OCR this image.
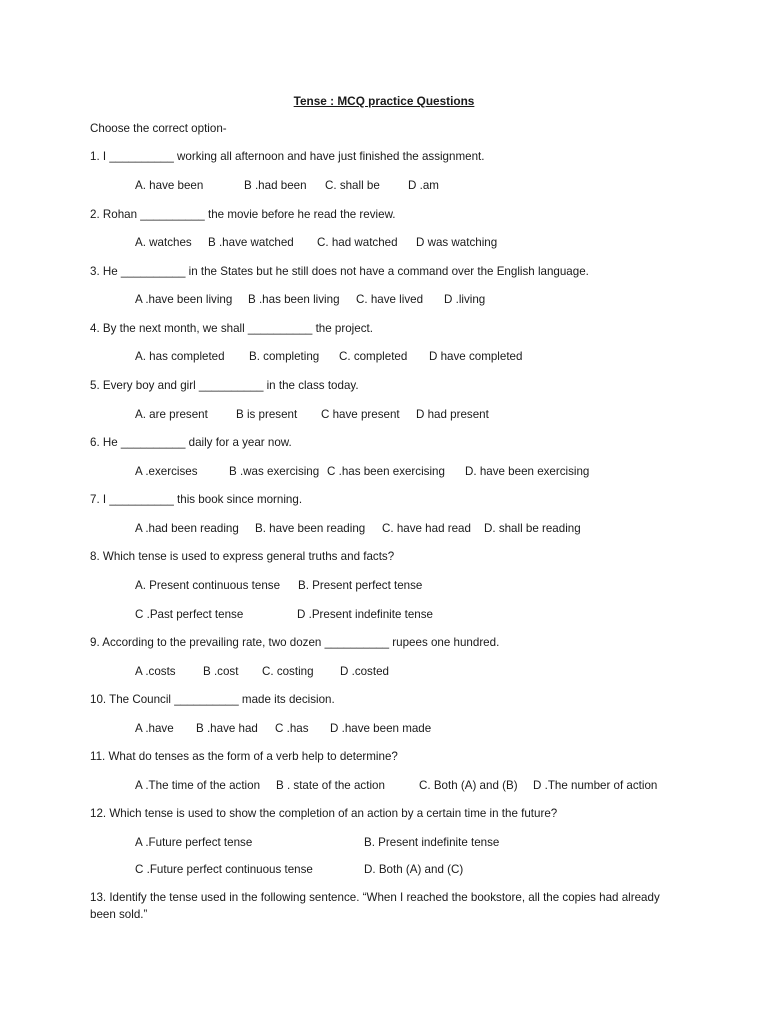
Tense : MCQ practice Questions
Choose the correct option-
1. I __________ working all afternoon and have just finished the assignment.
A. have been	B .had been C. shall be D .am
2. Rohan __________ the movie before he read the review.
A. watches B .have watched C. had watched D was watching
3. He __________ in the States but he still does not have a command over the English language.
A .have been living B .has been living C. have lived D .living
4. By the next month, we shall __________ the project.
A. has completed B. completing C. completed D have completed
5. Every boy and girl __________ in the class today.
A. are present B is present C have present D had present
6. He __________ daily for a year now.
A .exercises	B .was exercising C .has been exercising D. have been exercising
7. I __________ this book since morning.
A .had been reading B. have been reading C. have had read D. shall be reading
8. Which tense is used to express general truths and facts?
A. Present continuous tense B. Present perfect tense
C .Past perfect tense	D .Present indefinite tense
9. According to the prevailing rate, two dozen __________ rupees one hundred.
A .costs B .cost C. costing D .costed
10. The Council __________ made its decision.
A .have B .have had C .has D .have been made
11. What do tenses as the form of a verb help to determine?
A .The time of the action B . state of the action	C. Both (A) and (B) D .The number of action
12. Which tense is used to show the completion of an action by a certain time in the future?
A .Future perfect tense	B. Present indefinite tense
C .Future perfect continuous tense	D. Both (A) and (C)
13. Identify the tense used in the following sentence. “When I reached the bookstore, all the copies had already been sold.”
